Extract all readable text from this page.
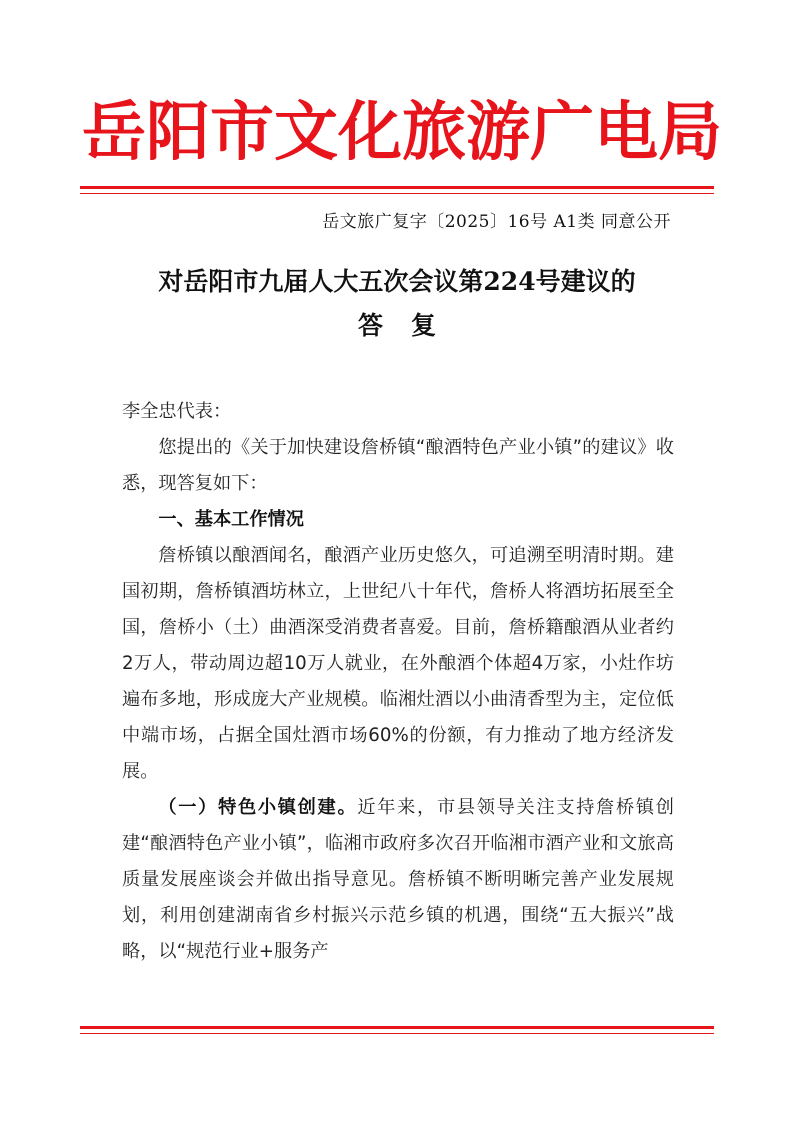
岳 阳 市 文 化 旅 游 广 电 局
岳文旅广复字〔2025〕16号 A1类 同意公开
对岳阳市九届人大五次会议第224号建议的
答复

李全忠代表：

您提出的《关于加快建设詹桥镇“酿酒特色产业小镇”的建议》收悉，现答复如下：

一、基本工作情况

詹桥镇以酿酒闻名，酿酒产业历史悠久，可追溯至明清时期。建国初期，詹桥镇酒坊林立，上世纪八十年代，詹桥人将酒坊拓展至全国，詹桥小（土）曲酒深受消费者喜爱。目前，詹桥籍酿酒从业者约2万人，带动周边超10万人就业，在外酿酒个体超4万家，小灶作坊遍布多地，形成庞大产业规模。临湘灶酒以小曲清香型为主，定位低中端市场，占据全国灶酒市场60%的份额，有力推动了地方经济发展。

（一）特色小镇创建。近年来，市县领导关注支持詹桥镇创建“酿酒特色产业小镇”，临湘市政府多次召开临湘市酒产业和文旅高质量发展座谈会并做出指导意见。詹桥镇不断明晰完善产业发展规划，利用创建湖南省乡村振兴示范乡镇的机遇，围绕“五大振兴”战略，以“规范行业+服务产
